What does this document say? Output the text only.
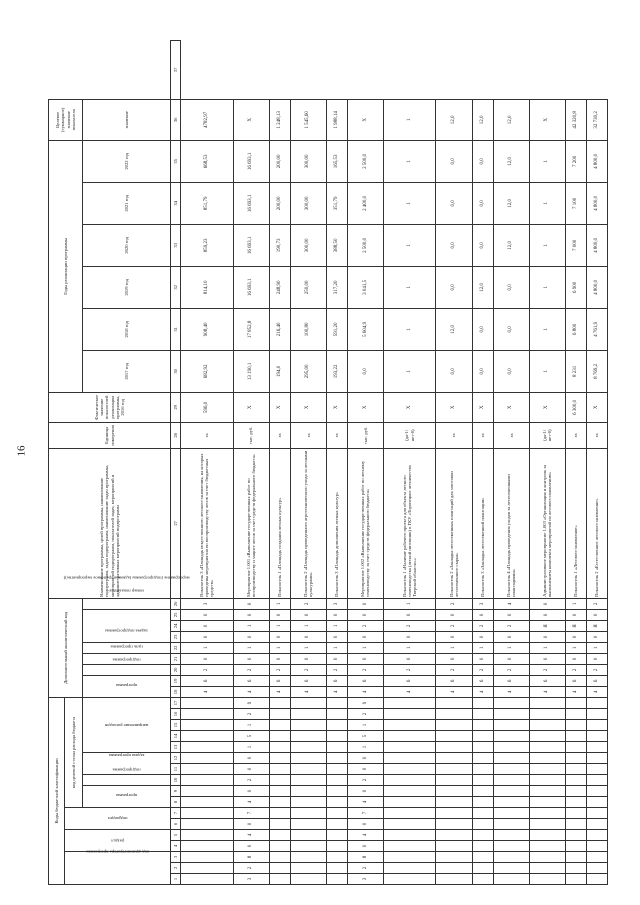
16
Коды бюджетной классификации																	Дополнительный аналитический код									Наименование программы, целей программы, наименование подпрограмм, задач подпрограмм, наименование задач программы, мероприятий подпрограмм, показателей задач, мероприятий и административных мероприятий подпрограмм	Единица измерения	Фактическое значение показателей реализации программы, 2016 год	Годы реализации программы						Целевое (суммарное) значение показателя	
код администратора программы			раздел		подраздел		код целевой статьи расхода бюджета																													
							программа		подпрограмма	задача программы		направление расходов					программа		подпрограмма	цель программы	задача подпрограммы	мероприятие (подпрограммы (административное мероприятие))			номер показателя				2017 год	2018 год	2019 год	2020 год	2021 год	2022 год	значение	
1	2	3	4	5	6	7	8	9	10	11	12	13	14	15	16	17	18	19	20	21	22	23	24	25	26	27	28	29	30	31	32	33	34	35	36	37
																	4	6	2	0	1	0	0	0	3	Показатель 3 «Площадь искусственного лесовосстановления, на которых проведены мероприятия по воспроизводству лесов за счет бюджетных средств»	га	596,0	682,92	908,40	814,10	859,23	851,79	668,53	4782,97	
3	2	8	0	4	0	7	4	0	2	0	0	1	5	1	2	9	4	6	2	0	1	0	1	0	0	Мероприятие 1.001 «Выполнение государственных работ по воспроизводству и защите лесов за счет средств федерального бюджета»	тыс. руб.	Х	13 190,1	17 852,8	16 693,1	16 693,1	16 693,1	16 693,1	Х	
																	4	6	2	0	1	0	1	0	1	Показатель 1 «Площадь создания лесных культур»	га	Х	194,0	216,40	248,90	190,73	200,00	200,00	1 248,13	
																	4	6	2	0	1	0	1	0	2	Показатель 2 «Площадь проведенного агротехнического ухода за лесными культурами»	га	Х	295,00	100,80	250,00	300,00	300,00	300,00	1 545,60	
																	4	6	2	0	1	0	1	0	3	Показатель 3 «Площадь дополнения лесных культур»	га	Х	193,22	591,20	317,20	388,50	351,79	165,53	1 988,14	
3	2	8	0	4	0	7	4	0	2	0	0	1	5	1	2	9	4	6	2	0	1	0	2	0	0	Мероприятие 1.002 «Выполнение государственных работ по лесному семеноводству за счет средств федерального бюджета»	тыс. руб.	Х	0,0	5 604,9	3 041,5	2 500,0	2 400,0	2 500,0	Х	
																	4	6	2	0	1	0	2	0	1	Показатель 1 «Наличие рабочего проекта для объекта лесного семеноводства (лесной питомник) в ГКУ «Торопецкое лесничество Тверской области»»	(да-1/ нет-0)	Х	1	1	1	1	1	1	1	
																	4	6	2	0	1	0	2	0	2	Показатель 2 «Закладка лесосеменных плантаций для заготовки лесосеменного сырья»	га	Х	0,0	12,0	0,0	0,0	0,0	0,0	12,0	
																	4	6	2	0	1	0	2	0	3	Показатель 3 «Закладка лесосеменной плантации»	га	Х	0,0	0,0	12,0	0,0	0,0	0,0	12,0	
																	4	6	2	0	1	0	2	0	4	Показатель 4 «Площадь проведения уходов за лесосеменными плантациями»	га	Х	0,0	0,0	0,0	12,0	12,0	12,0	12,0	
																	4	6	2	0	1	0	Я	0	0	Административное мероприятие 1.003 «Организация и контроль за выполнением комплекса мероприятий по лесовосстановлению»	(да-1/ нет-0)	Х	1	1	1	1	1	1	Х	
																	4	6	2	0	1	0	Я	0	1	Показатель 1 «Лесовосстановление»	га	6 300,0	8 231	6 800	6 900	7 000	7 100	7 200	42 320,8	
																	4	6	2	0	1	0	Я	0	2	Показатель 2 «Естественное лесовосстановление»	га	Х	8 769,2	4 761,9	4 800,0	4 800,0	4 800,0	4 800,0	32 730,2	
